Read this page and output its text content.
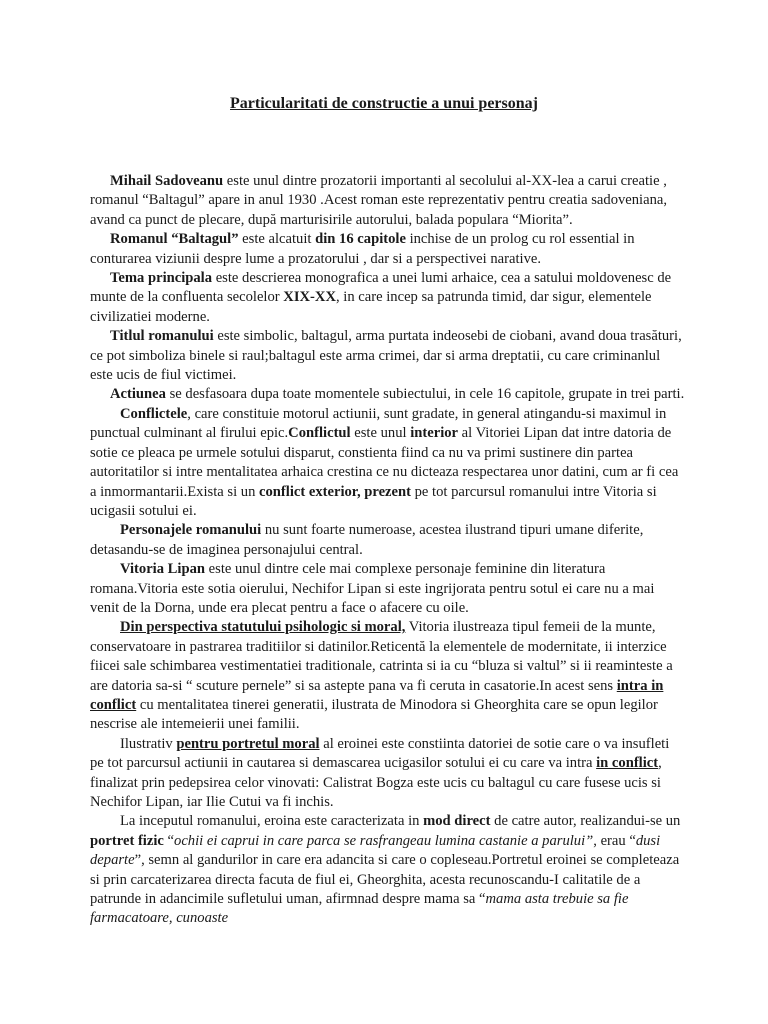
Particularitati de constructie a unui personaj

Mihail Sadoveanu este unul dintre prozatorii importanti al secolului al-XX-lea a carui creatie , romanul “Baltagul” apare in anul 1930 .Acest roman este reprezentativ pentru creatia sadoveniana, avand ca punct de plecare, după marturisirile autorului, balada populara “Miorita”.

Romanul “Baltagul” este alcatuit din 16 capitole inchise de un prolog cu rol essential in conturarea viziunii despre lume a prozatorului , dar si a perspectivei narative.

Tema principala este descrierea monografica a unei lumi arhaice, cea a satului moldovenesc de munte de la confluenta secolelor XIX-XX, in care incep sa patrunda timid, dar sigur, elementele civilizatiei moderne.

Titlul romanului este simbolic, baltagul, arma purtata indeosebi de ciobani, avand doua trasături, ce pot simboliza binele si raul;baltagul este arma crimei, dar si arma dreptatii, cu care criminanlul este ucis de fiul victimei.

Actiunea se desfasoara dupa toate momentele subiectului, in cele 16 capitole, grupate in trei parti.

Conflictele, care constituie motorul actiunii, sunt gradate, in general atingandu-si maximul in punctual culminant al firului epic.Conflictul este unul interior al Vitoriei Lipan dat intre datoria de sotie ce pleaca pe urmele sotului disparut, constienta fiind ca nu va primi sustinere din partea autoritatilor si intre mentalitatea arhaica crestina ce nu dicteaza respectarea unor datini, cum ar fi cea a inmormantarii.Exista si un conflict exterior, prezent pe tot parcursul romanului intre Vitoria si ucigasii sotului ei.

Personajele romanului nu sunt foarte numeroase, acestea ilustrand tipuri umane diferite, detasandu-se de imaginea personajului central.

Vitoria Lipan este unul dintre cele mai complexe personaje feminine din literatura romana.Vitoria este sotia oierului, Nechifor Lipan si este ingrijorata pentru sotul ei care nu a mai venit de la Dorna, unde era plecat pentru a face o afacere cu oile.

Din perspectiva statutului psihologic si moral, Vitoria ilustreaza tipul femeii de la munte, conservatoare in pastrarea traditiilor si datinilor.Reticentă la elementele de modernitate, ii interzice fiicei sale schimbarea vestimentatiei traditionale, catrinta si ia cu “bluza si valtul” si ii reaminteste a are datoria sa-si “ scuture pernele” si sa astepte pana va fi ceruta in casatorie.In acest sens intra in conflict cu mentalitatea tinerei generatii, ilustrata de Minodora si Gheorghita care se opun legilor nescrise ale intemeierii unei familii.

Ilustrativ pentru portretul moral al eroinei este constiinta datoriei de sotie care o va insufleti pe tot parcursul actiunii in cautarea si demascarea ucigasilor sotului ei cu care va intra in conflict, finalizat prin pedepsirea celor vinovati: Calistrat Bogza este ucis cu baltagul cu care fusese ucis si Nechifor Lipan, iar Ilie Cutui va fi inchis.

La inceputul romanului, eroina este caracterizata in mod direct de catre autor, realizandui-se un portret fizic “ochii ei caprui in care parca se rasfrangeau lumina castanie a parului”, erau “dusi departe”, semn al gandurilor in care era adancita si care o copleseau.Portretul eroinei se completeaza si prin carcaterizarea directa facuta de fiul ei, Gheorghita, acesta recunoscandu-I calitatile de a patrunde in adancimile sufletului uman, afirmnad despre mama sa “mama asta trebuie sa fie farmacatoare, cunoaste
